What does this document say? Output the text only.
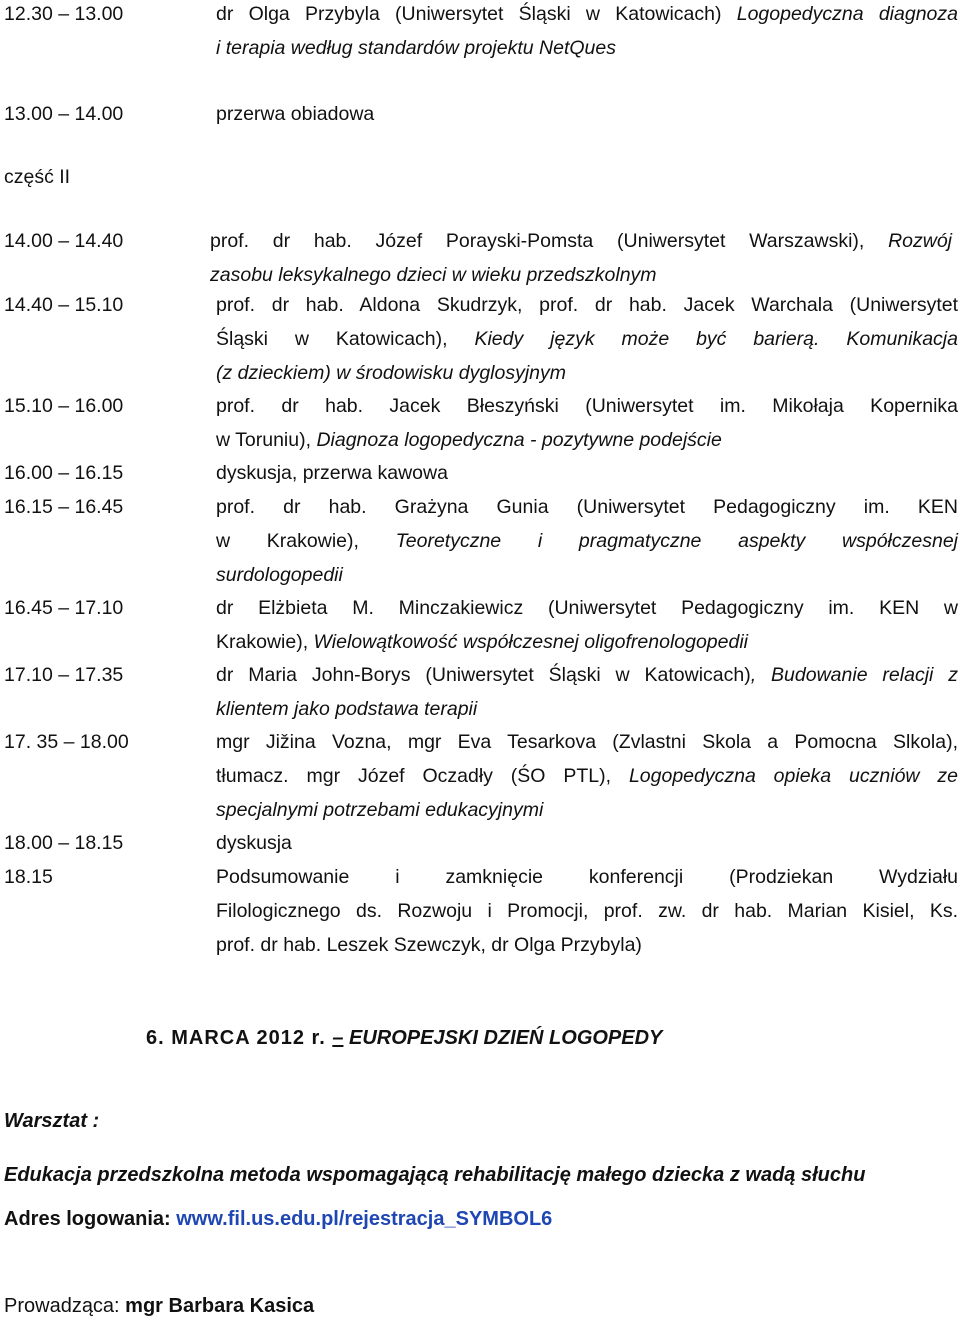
12.30 – 13.00	dr Olga Przybyla (Uniwersytet Śląski w Katowicach) Logopedyczna diagnoza
i terapia według standardów projektu NetQues
13.00 – 14.00	przerwa obiadowa
część II
14.00 – 14.40	prof. dr hab. Józef Porayski-Pomsta (Uniwersytet Warszawski), Rozwój
zasobu leksykalnego dzieci w wieku przedszkolnym
14.40 – 15.10	prof. dr hab. Aldona Skudrzyk, prof. dr hab. Jacek Warchala (Uniwersytet
Śląski w Katowicach), Kiedy język może być barierą. Komunikacja
(z dzieckiem) w środowisku dyglosyjnym
15.10 – 16.00	prof. dr hab. Jacek Błeszyński (Uniwersytet im. Mikołaja Kopernika
w Toruniu), Diagnoza logopedyczna - pozytywne podejście
16.00 – 16.15	dyskusja, przerwa kawowa
16.15 – 16.45	prof. dr hab. Grażyna Gunia (Uniwersytet Pedagogiczny im. KEN
w Krakowie), Teoretyczne i pragmatyczne aspekty współczesnej
surdologopedii
16.45 – 17.10	dr Elżbieta M. Minczakiewicz (Uniwersytet Pedagogiczny im. KEN w
Krakowie), Wielowątkowość współczesnej oligofrenologopedii
17.10 – 17.35	dr Maria John-Borys (Uniwersytet Śląski w Katowicach), Budowanie relacji z
klientem jako podstawa terapii
17. 35 – 18.00	mgr Jižina Vozna, mgr Eva Tesarkova (Zvlastni Skola a Pomocna Slkola),
tłumacz. mgr Józef Oczadły (ŚO PTL), Logopedyczna opieka uczniów ze
specjalnymi potrzebami edukacyjnymi
18.00 – 18.15	dyskusja
18.15	Podsumowanie i zamknięcie konferencji (Prodziekan Wydziału
Filologicznego ds. Rozwoju i Promocji, prof. zw. dr hab. Marian Kisiel, Ks.
prof. dr hab. Leszek Szewczyk, dr Olga Przybyla)
6. MARCA 2012 r. – EUROPEJSKI DZIEŃ LOGOPEDY
Warsztat :
Edukacja przedszkolna metoda wspomagającą rehabilitację małego dziecka z wadą słuchu
Adres logowania: www.fil.us.edu.pl/rejestracja_SYMBOL6
Prowadząca: mgr Barbara Kasica
